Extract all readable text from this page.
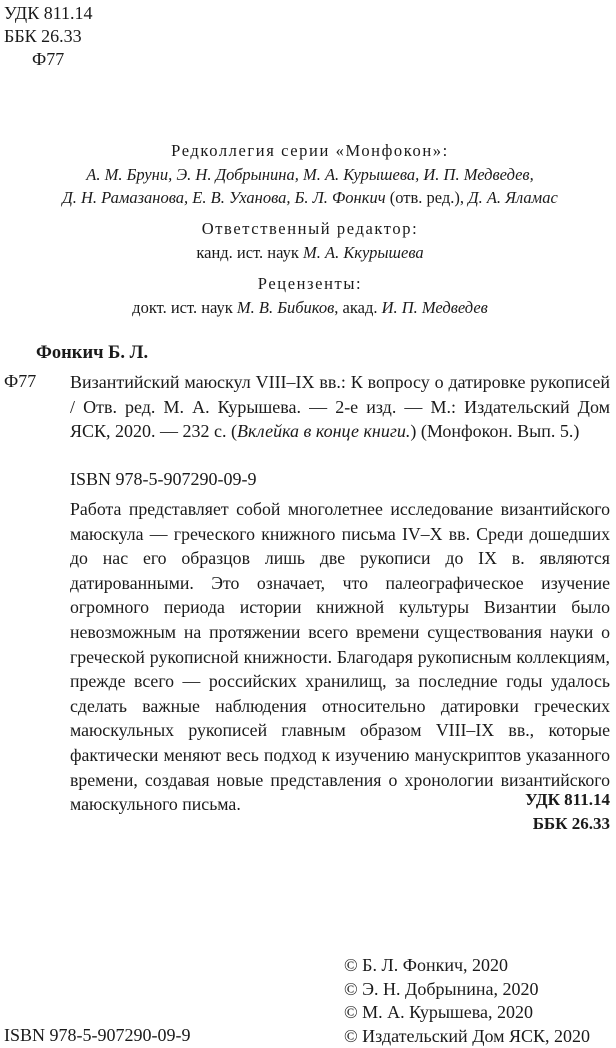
УДК 811.14
ББК 26.33
Ф77
Редколлегия серии «Монфокон»:
А. М. Бруни, Э. Н. Добрынина, М. А. Курышева, И. П. Медведев,
Д. Н. Рамазанова, Е. В. Уханова, Б. Л. Фонкич (отв. ред.), Д. А. Яламас
Ответственный редактор:
канд. ист. наук М. А. Ккурышева
Рецензенты:
докт. ист. наук М. В. Бибиков, акад. И. П. Медведев
Фонкич Б. Л.
Ф77 Византийский маюскул VIII–IX вв.: К вопросу о датировке рукописей / Отв. ред. М. А. Курышева. — 2-е изд. — М.: Издательский Дом ЯСК, 2020. — 232 с. (Вклейка в конце книги.) (Монфокон. Вып. 5.)
ISBN 978-5-907290-09-9
Работа представляет собой многолетнее исследование византийского маюскула — греческого книжного письма IV–X вв. Среди дошедших до нас его образцов лишь две рукописи до IX в. являются датированными. Это означает, что палеографическое изучение огромного периода истории книжной культуры Византии было невозможным на протяжении всего времени существования науки о греческой рукописной книжности. Благодаря рукописным коллекциям, прежде всего — российских хранилищ, за последние годы удалось сделать важные наблюдения относительно датировки греческих маюскульных рукописей главным образом VIII–IX вв., которые фактически меняют весь подход к изучению манускриптов указанного времени, создавая новые представления о хронологии византийского маюскульного письма.	УДК 811.14
ББК 26.33
© Б. Л. Фонкич, 2020
© Э. Н. Добрынина, 2020
© М. А. Курышева, 2020
© Издательский Дом ЯСК, 2020
ISBN 978-5-907290-09-9
